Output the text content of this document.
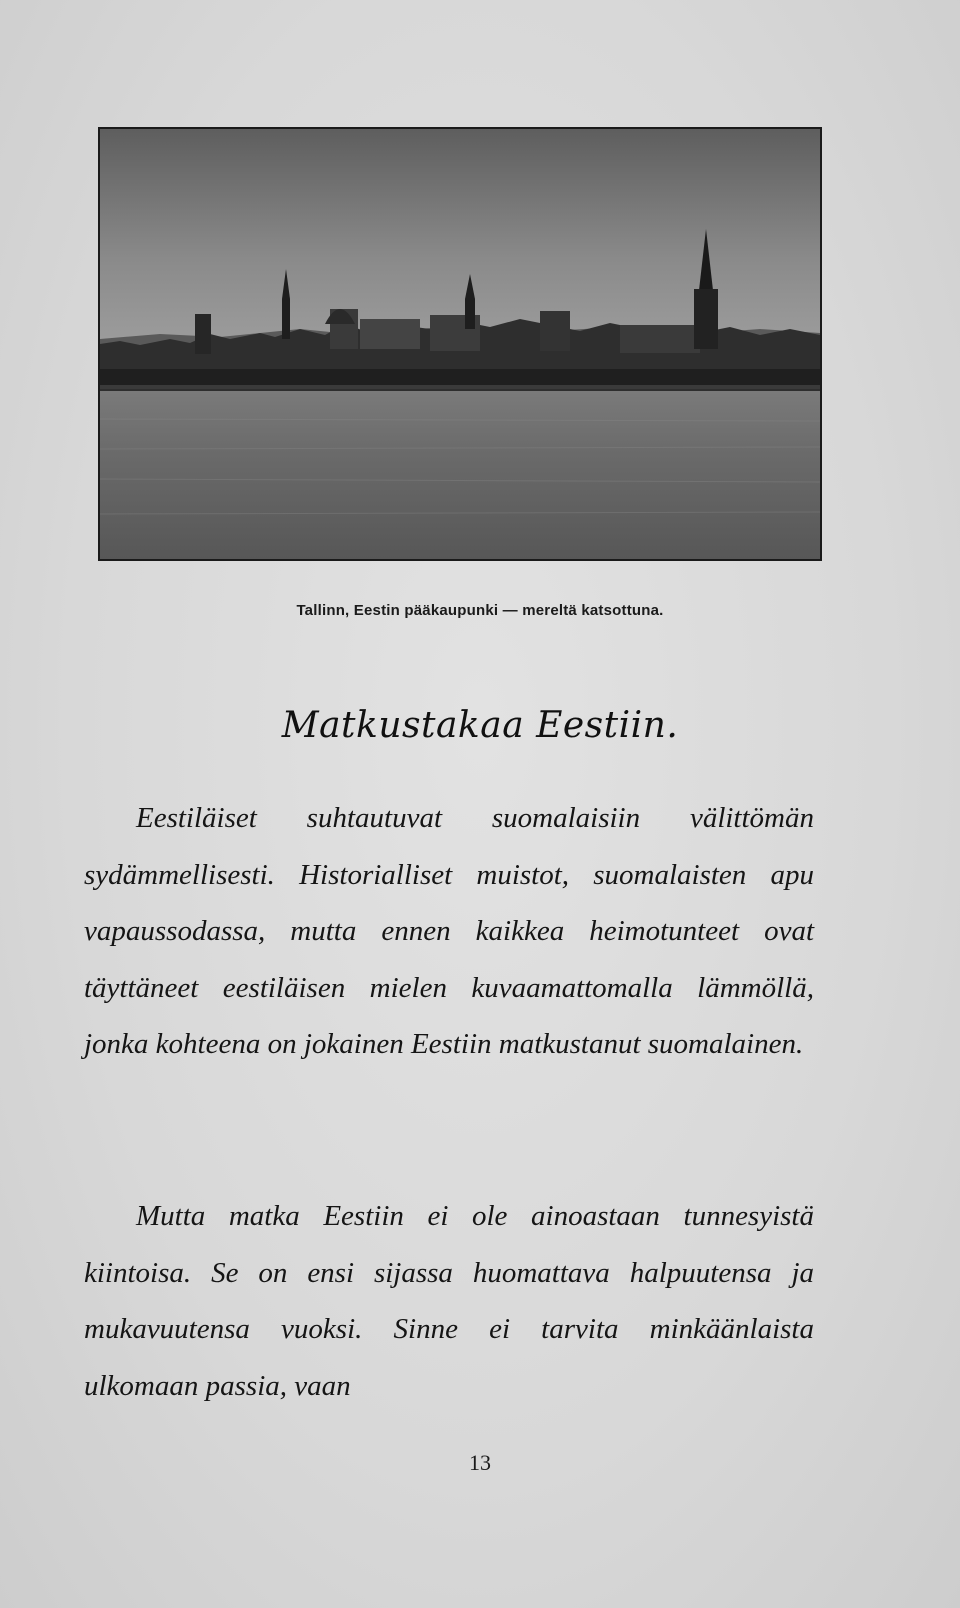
Tallinn, Eestin pääkaupunki — mereltä katsottuna.
Matkustakaa Eestiin.

Eestiläiset suhtautuvat suomalaisiin välittömän sydämmellisesti. Historialliset muistot, suomalaisten apu vapaussodassa, mutta ennen kaikkea heimotunteet ovat täyttäneet eestiläisen mielen kuvaamattomalla lämmöllä, jonka kohteena on jokainen Eestiin matkustanut suomalainen.

Mutta matka Eestiin ei ole ainoastaan tunnesyistä kiintoisa. Se on ensi sijassa huomattava halpuutensa ja mukavuutensa vuoksi. Sinne ei tarvita minkäänlaista ulkomaan passia, vaan

13
